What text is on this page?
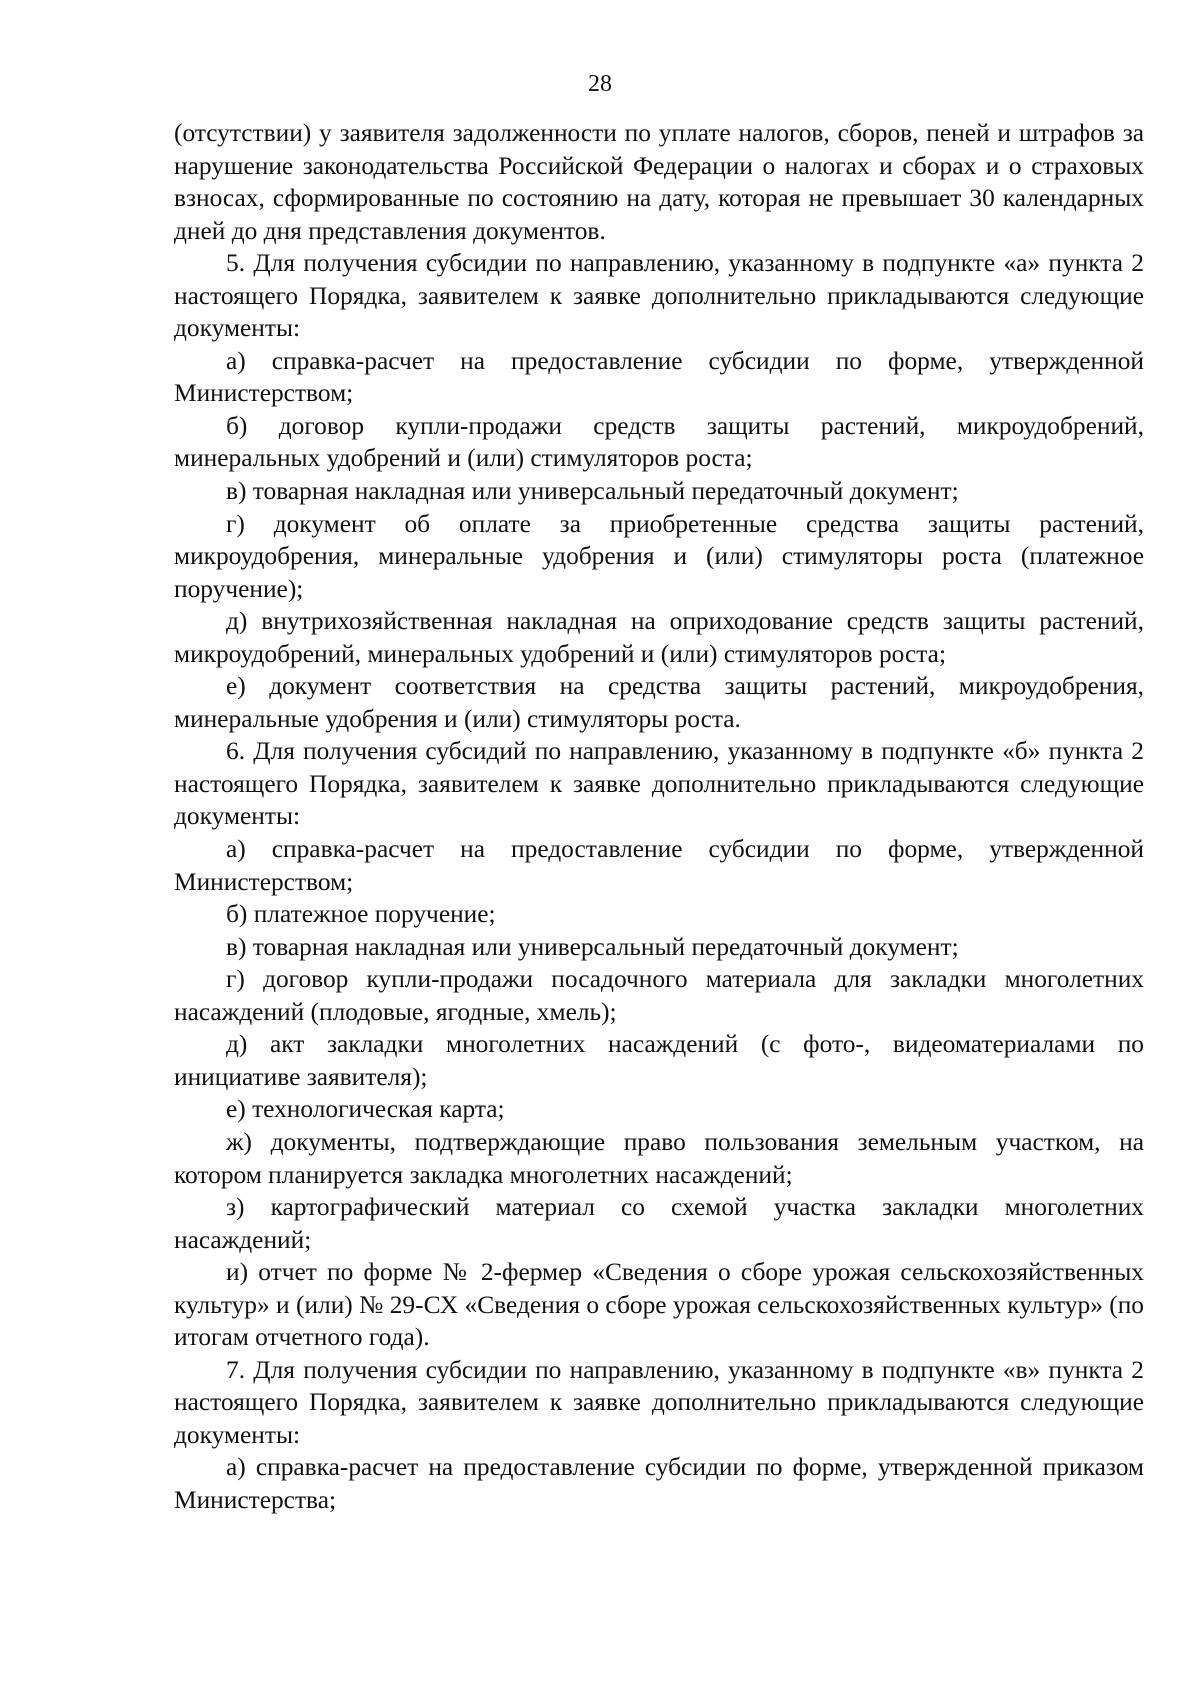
28

(отсутствии) у заявителя задолженности по уплате налогов, сборов, пеней и штрафов за нарушение законодательства Российской Федерации о налогах и сборах и о страховых взносах, сформированные по состоянию на дату, которая не превышает 30 календарных дней до дня представления документов.

5. Для получения субсидии по направлению, указанному в подпункте «а» пункта 2 настоящего Порядка, заявителем к заявке дополнительно прикладываются следующие документы:

а) справка-расчет на предоставление субсидии по форме, утвержденной Министерством;

б) договор купли-продажи средств защиты растений, микроудобрений, минеральных удобрений и (или) стимуляторов роста;

в) товарная накладная или универсальный передаточный документ;

г) документ об оплате за приобретенные средства защиты растений, микроудобрения, минеральные удобрения и (или) стимуляторы роста (платежное поручение);

д) внутрихозяйственная накладная на оприходование средств защиты растений, микроудобрений, минеральных удобрений и (или) стимуляторов роста;

е) документ соответствия на средства защиты растений, микроудобрения, минеральные удобрения и (или) стимуляторы роста.

6. Для получения субсидий по направлению, указанному в подпункте «б» пункта 2 настоящего Порядка, заявителем к заявке дополнительно прикладываются следующие документы:

а) справка-расчет на предоставление субсидии по форме, утвержденной Министерством;

б) платежное поручение;

в) товарная накладная или универсальный передаточный документ;

г) договор купли-продажи посадочного материала для закладки многолетних насаждений (плодовые, ягодные, хмель);

д) акт закладки многолетних насаждений (с фото-, видеоматериалами по инициативе заявителя);

е) технологическая карта;

ж) документы, подтверждающие право пользования земельным участком, на котором планируется закладка многолетних насаждений;

з) картографический материал со схемой участка закладки многолетних насаждений;

и) отчет по форме № 2-фермер «Сведения о сборе урожая сельскохозяйственных культур» и (или) № 29-СХ «Сведения о сборе урожая сельскохозяйственных культур» (по итогам отчетного года).

7. Для получения субсидии по направлению, указанному в подпункте «в» пункта 2 настоящего Порядка, заявителем к заявке дополнительно прикладываются следующие документы:

а) справка-расчет на предоставление субсидии по форме, утвержденной приказом Министерства;
